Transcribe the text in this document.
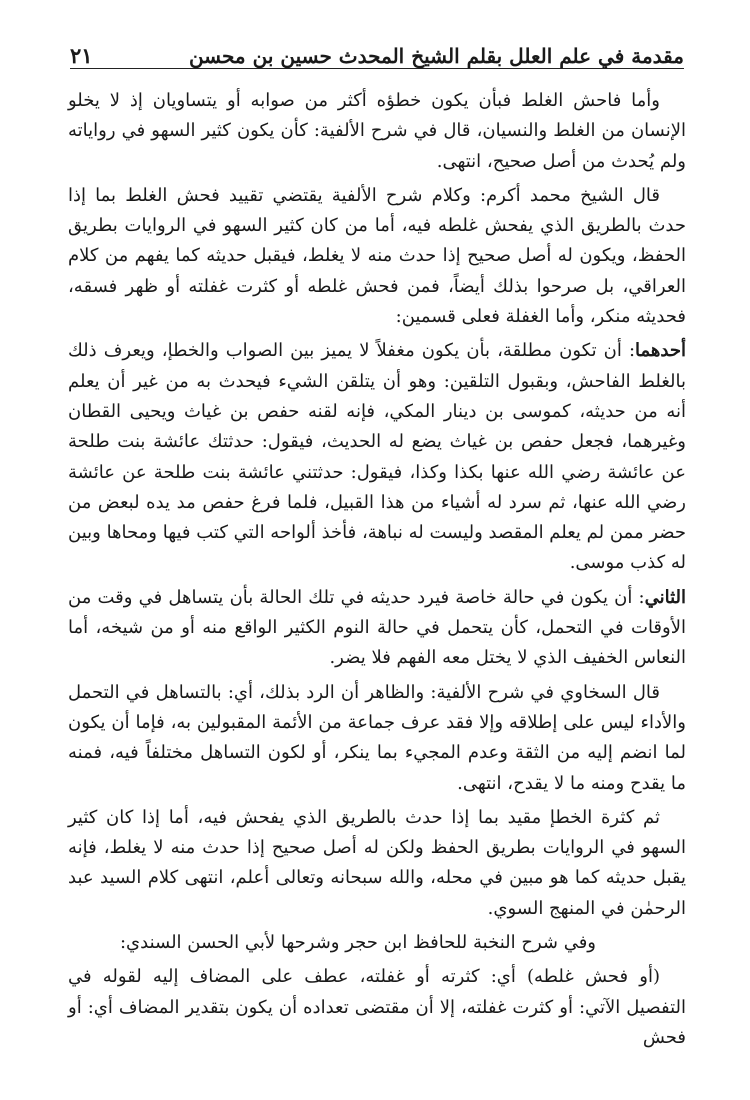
مقدمة في علم العلل بقلم الشيخ المحدث حسين بن محسن
٢١

وأما فاحش الغلط فبأن يكون خطؤه أكثر من صوابه أو يتساويان إذ لا يخلو الإنسان من الغلط والنسيان، قال في شرح الألفية: كأن يكون كثير السهو في رواياته ولم يُحدث من أصل صحيح، انتهى.

قال الشيخ محمد أكرم: وكلام شرح الألفية يقتضي تقييد فحش الغلط بما إذا حدث بالطريق الذي يفحش غلطه فيه، أما من كان كثير السهو في الروايات بطريق الحفظ، ويكون له أصل صحيح إذا حدث منه لا يغلط، فيقبل حديثه كما يفهم من كلام العراقي، بل صرحوا بذلك أيضاً، فمن فحش غلطه أو كثرت غفلته أو ظهر فسقه، فحديثه منكر، وأما الغفلة فعلى قسمين:

أحدهما: أن تكون مطلقة، بأن يكون مغفلاً لا يميز بين الصواب والخطإ، ويعرف ذلك بالغلط الفاحش، وبقبول التلقين: وهو أن يتلقن الشيء فيحدث به من غير أن يعلم أنه من حديثه، كموسى بن دينار المكي، فإنه لقنه حفص بن غياث ويحيى القطان وغيرهما، فجعل حفص بن غياث يضع له الحديث، فيقول: حدثتك عائشة بنت طلحة عن عائشة رضي الله عنها بكذا وكذا، فيقول: حدثتني عائشة بنت طلحة عن عائشة رضي الله عنها، ثم سرد له أشياء من هذا القبيل، فلما فرغ حفص مد يده لبعض من حضر ممن لم يعلم المقصد وليست له نباهة، فأخذ ألواحه التي كتب فيها ومحاها وبين له كذب موسى.

الثاني: أن يكون في حالة خاصة فيرد حديثه في تلك الحالة بأن يتساهل في وقت من الأوقات في التحمل، كأن يتحمل في حالة النوم الكثير الواقع منه أو من شيخه، أما النعاس الخفيف الذي لا يختل معه الفهم فلا يضر.

قال السخاوي في شرح الألفية: والظاهر أن الرد بذلك، أي: بالتساهل في التحمل والأداء ليس على إطلاقه وإلا فقد عرف جماعة من الأئمة المقبولين به، فإما أن يكون لما انضم إليه من الثقة وعدم المجيء بما ينكر، أو لكون التساهل مختلفاً فيه، فمنه ما يقدح ومنه ما لا يقدح، انتهى.

ثم كثرة الخطإ مقيد بما إذا حدث بالطريق الذي يفحش فيه، أما إذا كان كثير السهو في الروايات بطريق الحفظ ولكن له أصل صحيح إذا حدث منه لا يغلط، فإنه يقبل حديثه كما هو مبين في محله، والله سبحانه وتعالى أعلم، انتهى كلام السيد عبد الرحمٰن في المنهج السوي.

وفي شرح النخبة للحافظ ابن حجر وشرحها لأبي الحسن السندي:

(أو فحش غلطه) أي: كثرته أو غفلته، عطف على المضاف إليه لقوله في التفصيل الآتي: أو كثرت غفلته، إلا أن مقتضى تعداده أن يكون بتقدير المضاف أي: أو فحش
